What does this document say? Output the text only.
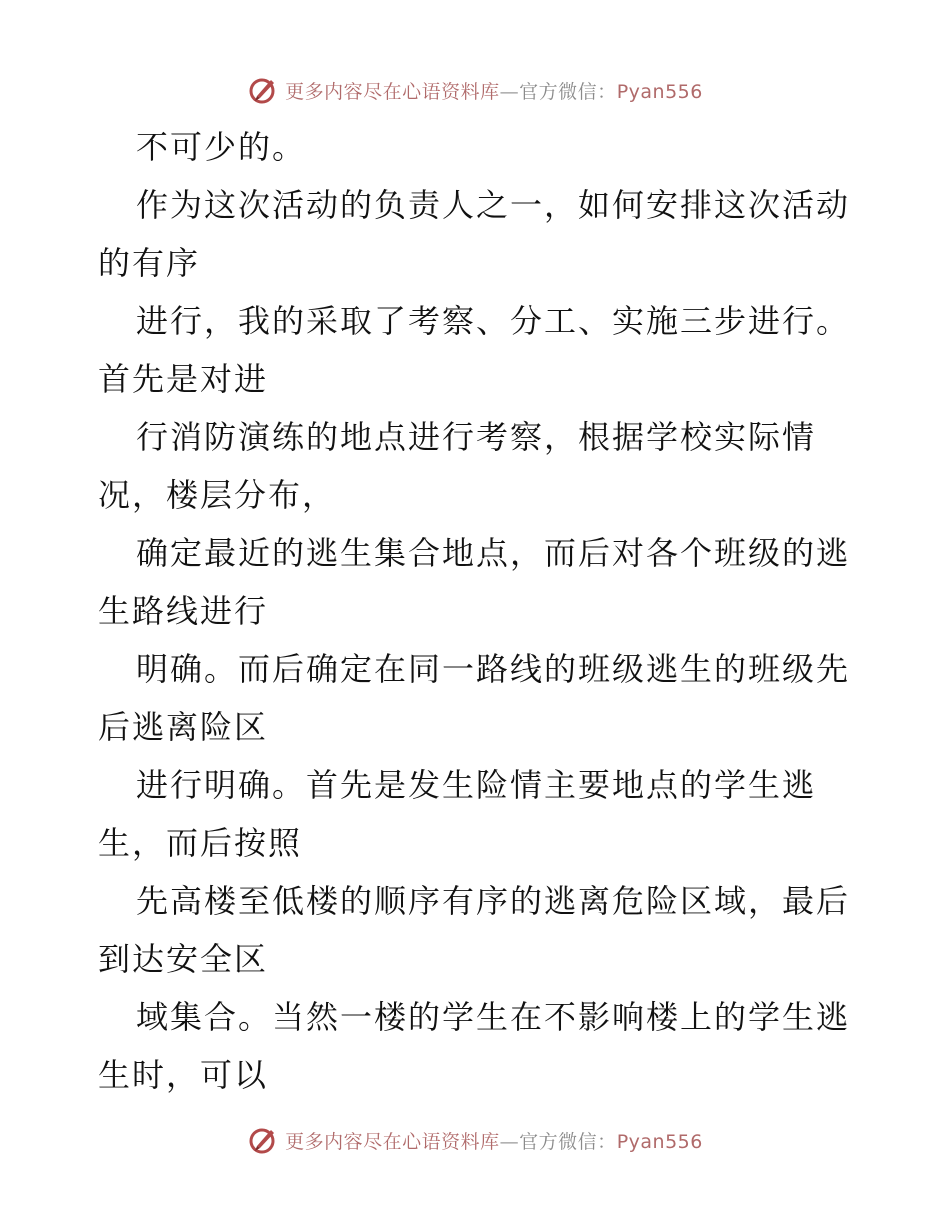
更多内容尽在心语资料库—官方微信：Pyan556
不可少的。
作为这次活动的负责人之一，如何安排这次活动
的有序
进行，我的采取了考察、分工、实施三步进行。
首先是对进
行消防演练的地点进行考察，根据学校实际情
况，楼层分布，
确定最近的逃生集合地点，而后对各个班级的逃
生路线进行
明确。而后确定在同一路线的班级逃生的班级先
后逃离险区
进行明确。首先是发生险情主要地点的学生逃
生，而后按照
先高楼至低楼的顺序有序的逃离危险区域，最后
到达安全区
域集合。当然一楼的学生在不影响楼上的学生逃
生时，可以
更多内容尽在心语资料库—官方微信：Pyan556
